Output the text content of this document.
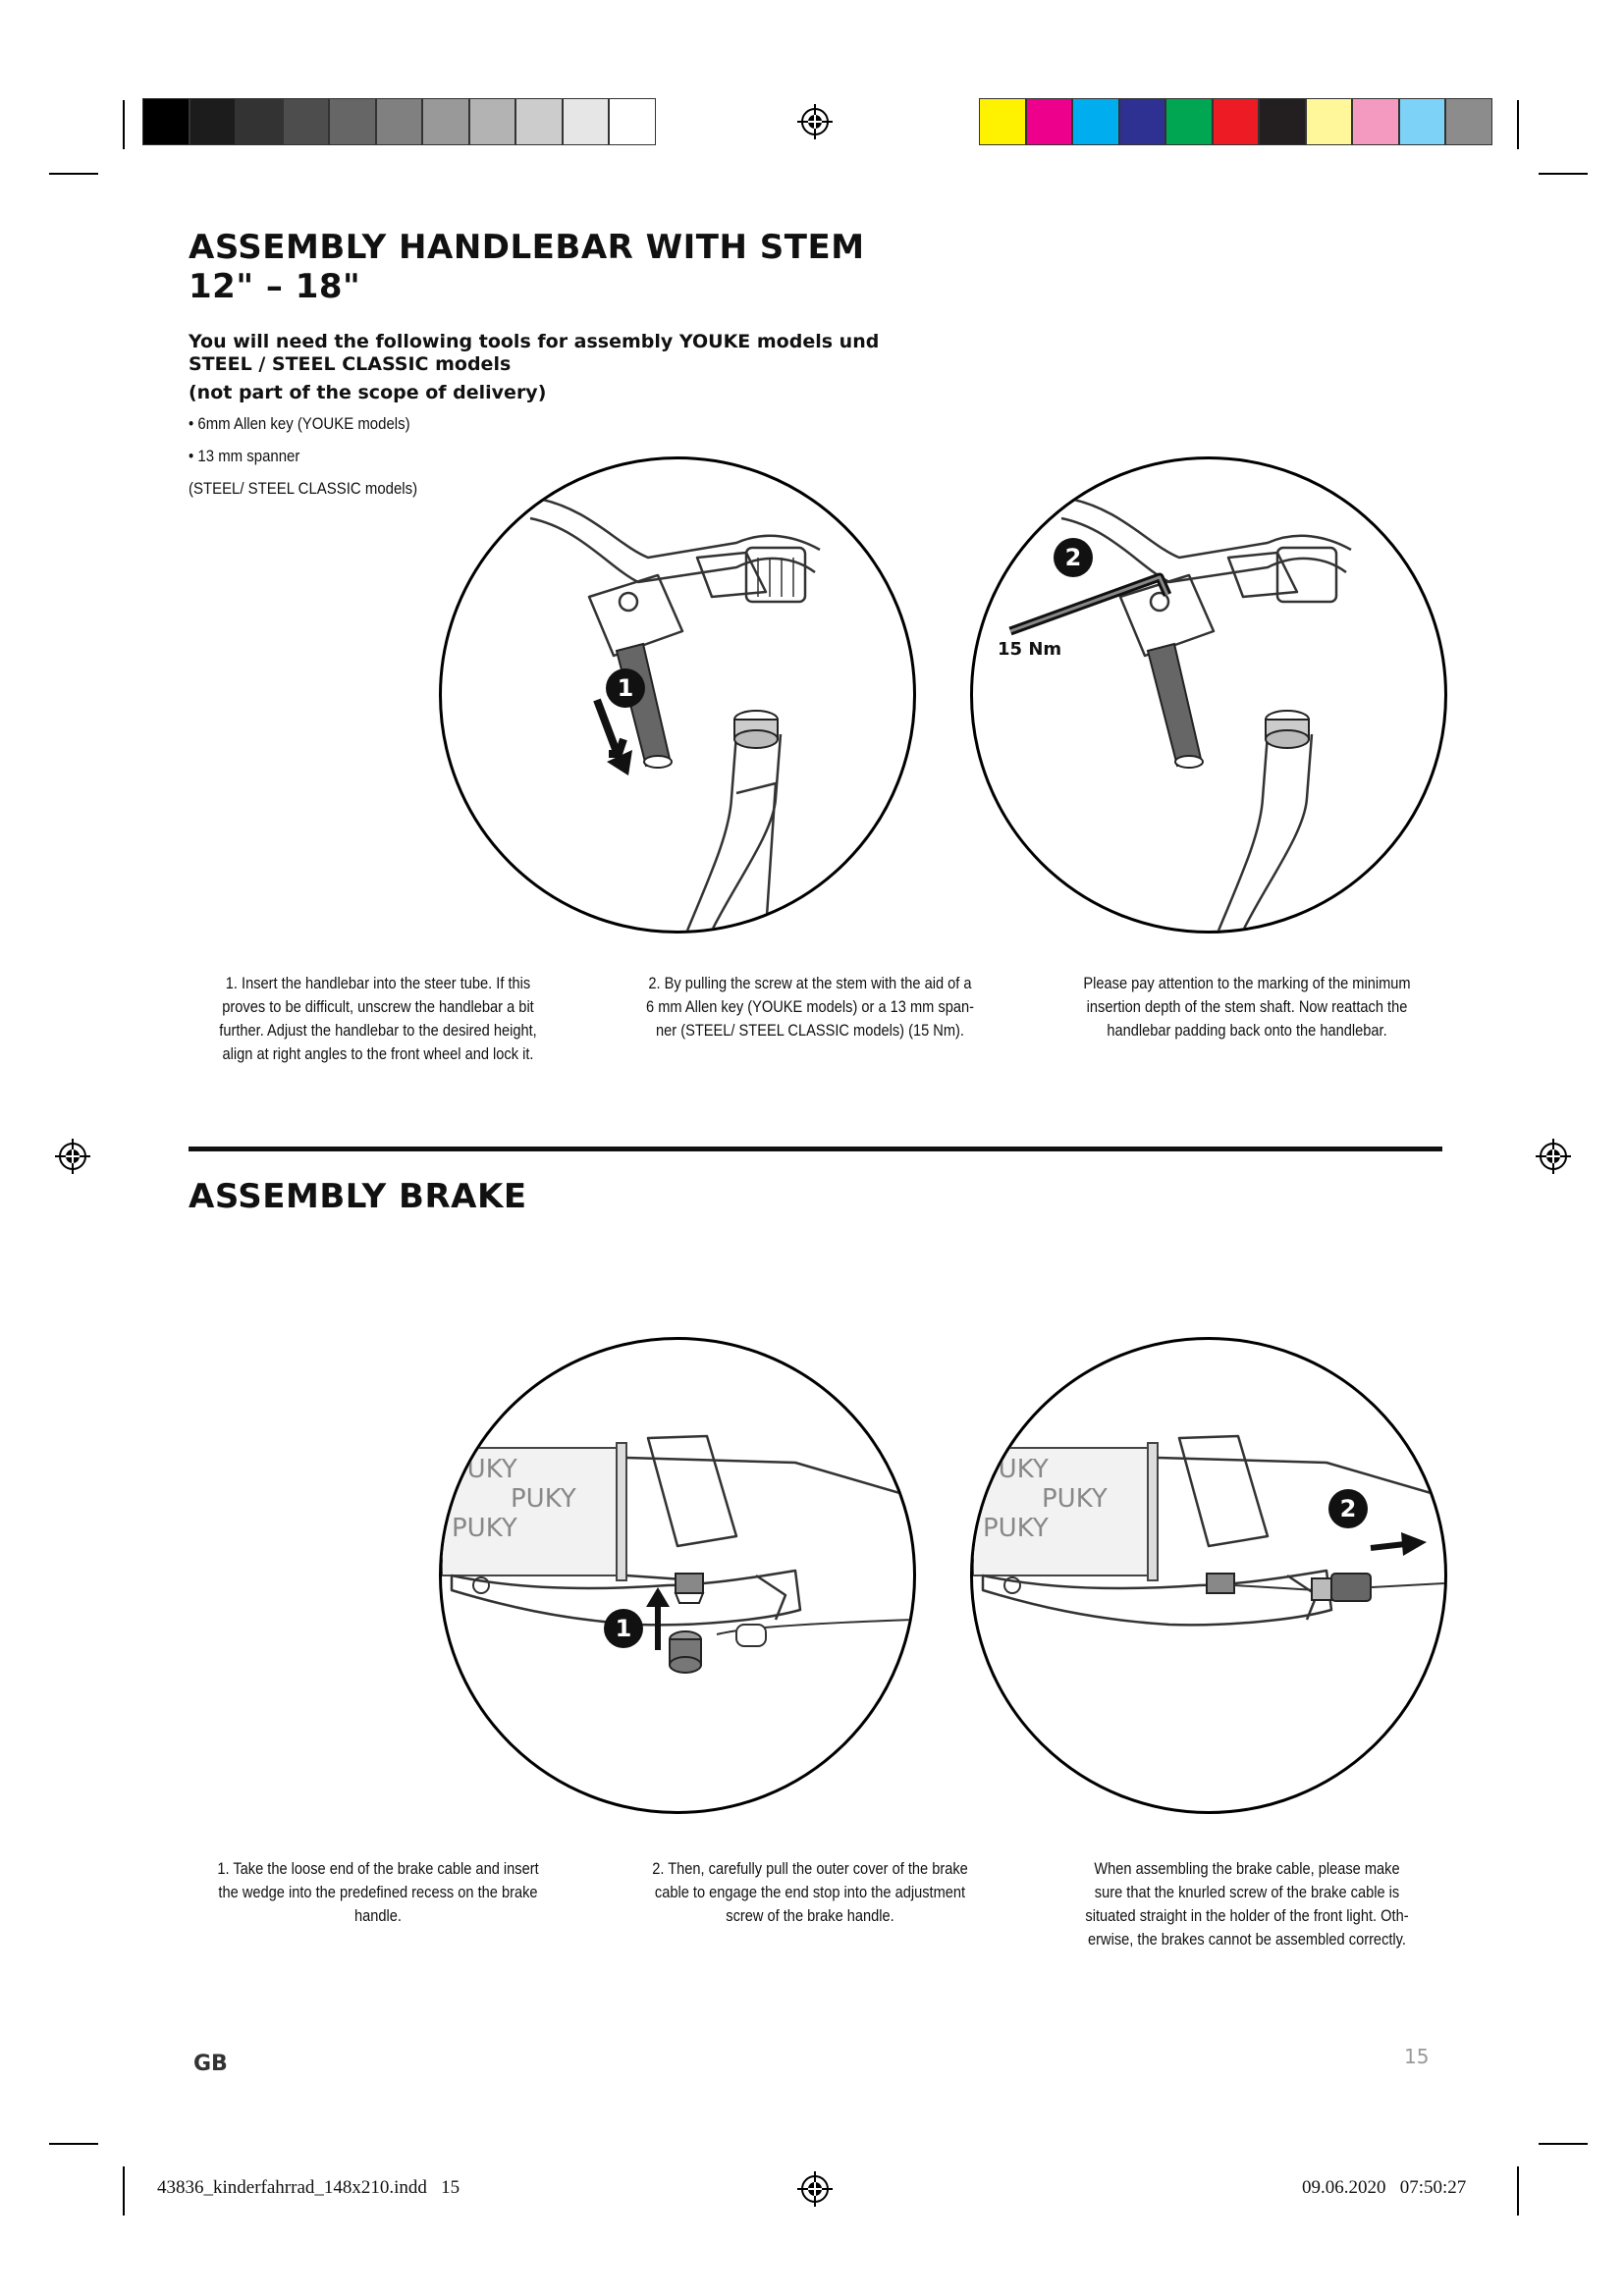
ASSEMBLY HANDLEBAR WITH STEM
12" – 18"
You will need the following tools for assembly YOUKE models und
STEEL / STEEL CLASSIC models
(not part of the scope of delivery)
• 6mm Allen key (YOUKE models)
• 13 mm spanner
(STEEL/ STEEL CLASSIC models)
1
2
15 Nm
1. Insert the handlebar into the steer tube. If this
proves to be difficult, unscrew the handlebar a bit
further. Adjust the handlebar to the desired height,
align at right angles to the front wheel and lock it.
2. By pulling the screw at the stem with the aid of a
6 mm Allen key (YOUKE models) or a 13 mm span-
ner (STEEL/ STEEL CLASSIC models) (15 Nm).
Please pay attention to the marking of the minimum
insertion depth of the stem shaft. Now reattach the
handlebar padding back onto the handlebar.
ASSEMBLY BRAKE
PUKY
PUKY
PUKY
1
PUKY
PUKY
PUKY
2
1. Take the loose end of the brake cable and insert
the wedge into the predefined recess on the brake
handle.
2. Then, carefully pull the outer cover of the brake
cable to engage the end stop into the adjustment
screw of the brake handle.
When assembling the brake cable, please make
sure that the knurled screw of the brake cable is
situated straight in the holder of the front light. Oth-
erwise, the brakes cannot be assembled correctly.
GB	15
43836_kinderfahrrad_148x210.indd   15	09.06.2020   07:50:27
